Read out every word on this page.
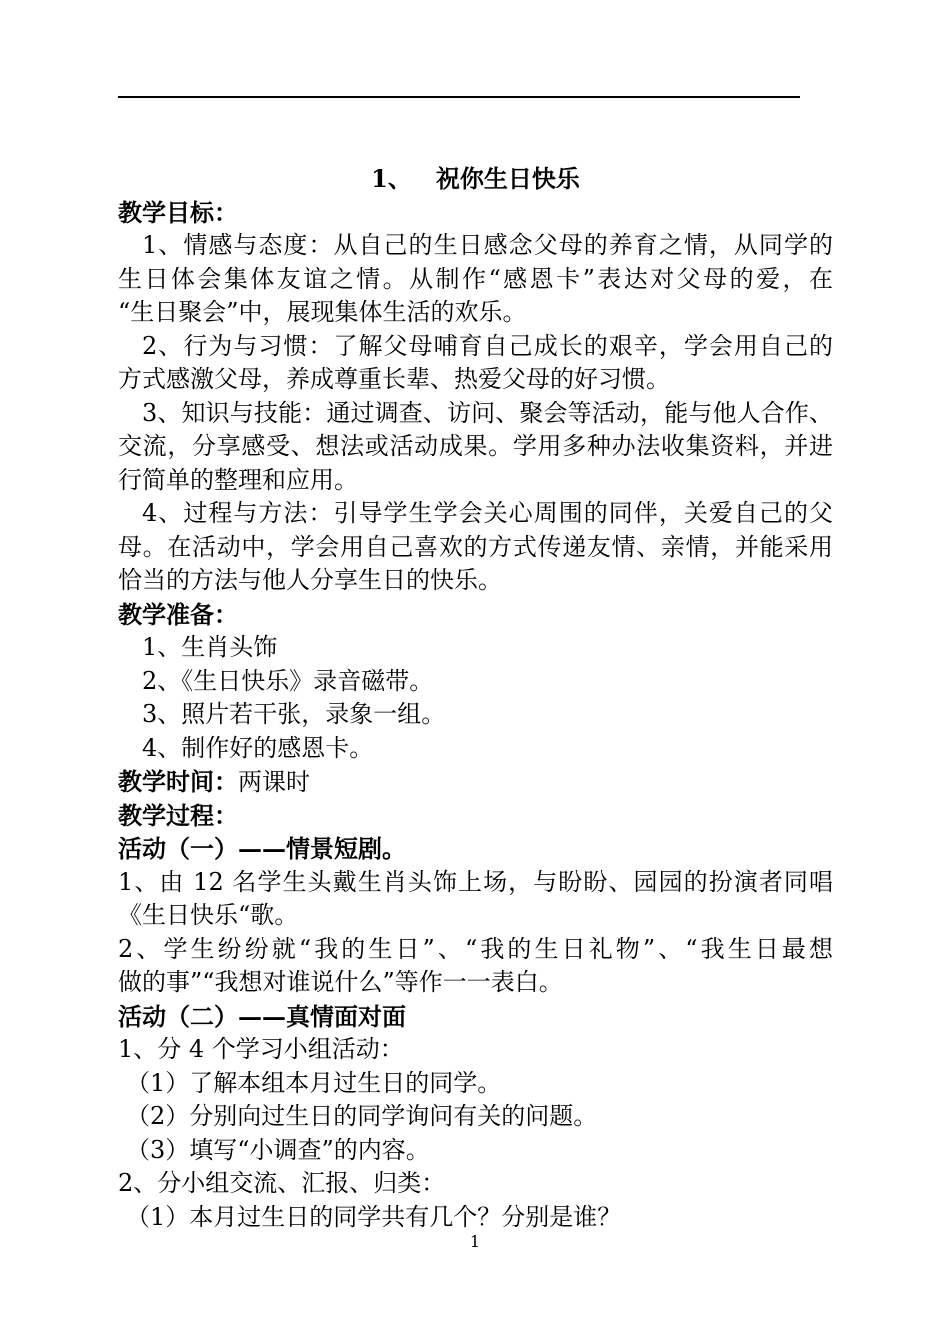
1、 祝你生日快乐
教学目标：
1、情感与态度：从自己的生日感念父母的养育之情，从同学的
生日体会集体友谊之情。从制作“感恩卡”表达对父母的爱，在
“生日聚会”中，展现集体生活的欢乐。
2、行为与习惯：了解父母哺育自己成长的艰辛，学会用自己的
方式感激父母，养成尊重长辈、热爱父母的好习惯。
3、知识与技能：通过调查、访问、聚会等活动，能与他人合作、
交流，分享感受、想法或活动成果。学用多种办法收集资料，并进
行简单的整理和应用。
4、过程与方法：引导学生学会关心周围的同伴，关爱自己的父
母。在活动中，学会用自己喜欢的方式传递友情、亲情，并能采用
恰当的方法与他人分享生日的快乐。
教学准备：
1、生肖头饰
2、《生日快乐》录音磁带。
3、照片若干张，录象一组。
4、制作好的感恩卡。
教学时间：两课时
教学过程：
活动（一）——情景短剧。
1、由 12 名学生头戴生肖头饰上场，与盼盼、园园的扮演者同唱
《生日快乐“歌。
2、学生纷纷就“我的生日”、“我的生日礼物”、“我生日最想
做的事”“我想对谁说什么”等作一一表白。
活动（二）——真情面对面
1、分 4 个学习小组活动：
（1）了解本组本月过生日的同学。
（2）分别向过生日的同学询问有关的问题。
（3）填写“小调查”的内容。
2、分小组交流、汇报、归类：
（1）本月过生日的同学共有几个？分别是谁？
1
